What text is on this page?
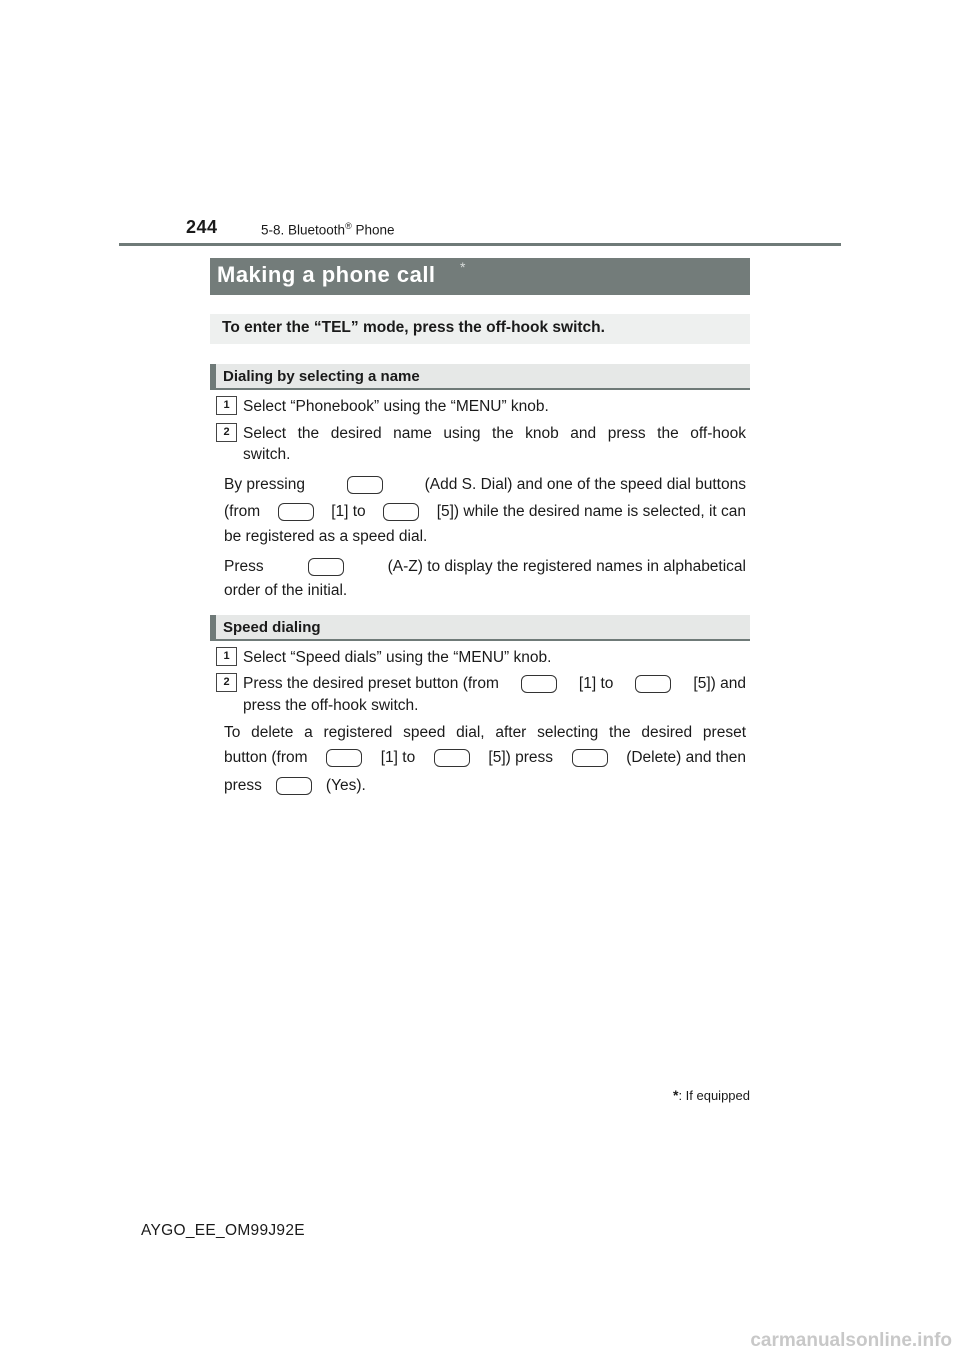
244	5-8. Bluetooth® Phone
Making a phone call *
To enter the “TEL” mode, press the off-hook switch.
Dialing by selecting a name
1 Select “Phonebook” using the “MENU” knob.
2 Select the desired name using the knob and press the off-hook
switch.
By pressing	(Add S. Dial) and one of the speed dial buttons
(from	[1] to	[5]) while the desired name is selected, it can
be registered as a speed dial.
Press	(A-Z) to display the registered names in alphabetical
order of the initial.
Speed dialing
1 Select “Speed dials” using the “MENU” knob.
2 Press the desired preset button (from	[1] to	[5]) and
press the off-hook switch.
To delete a registered speed dial, after selecting the desired preset
button (from	[1] to	[5]) press	(Delete) and then
press	(Yes).
*: If equipped
AYGO_EE_OM99J92E
carmanualsonline.info
